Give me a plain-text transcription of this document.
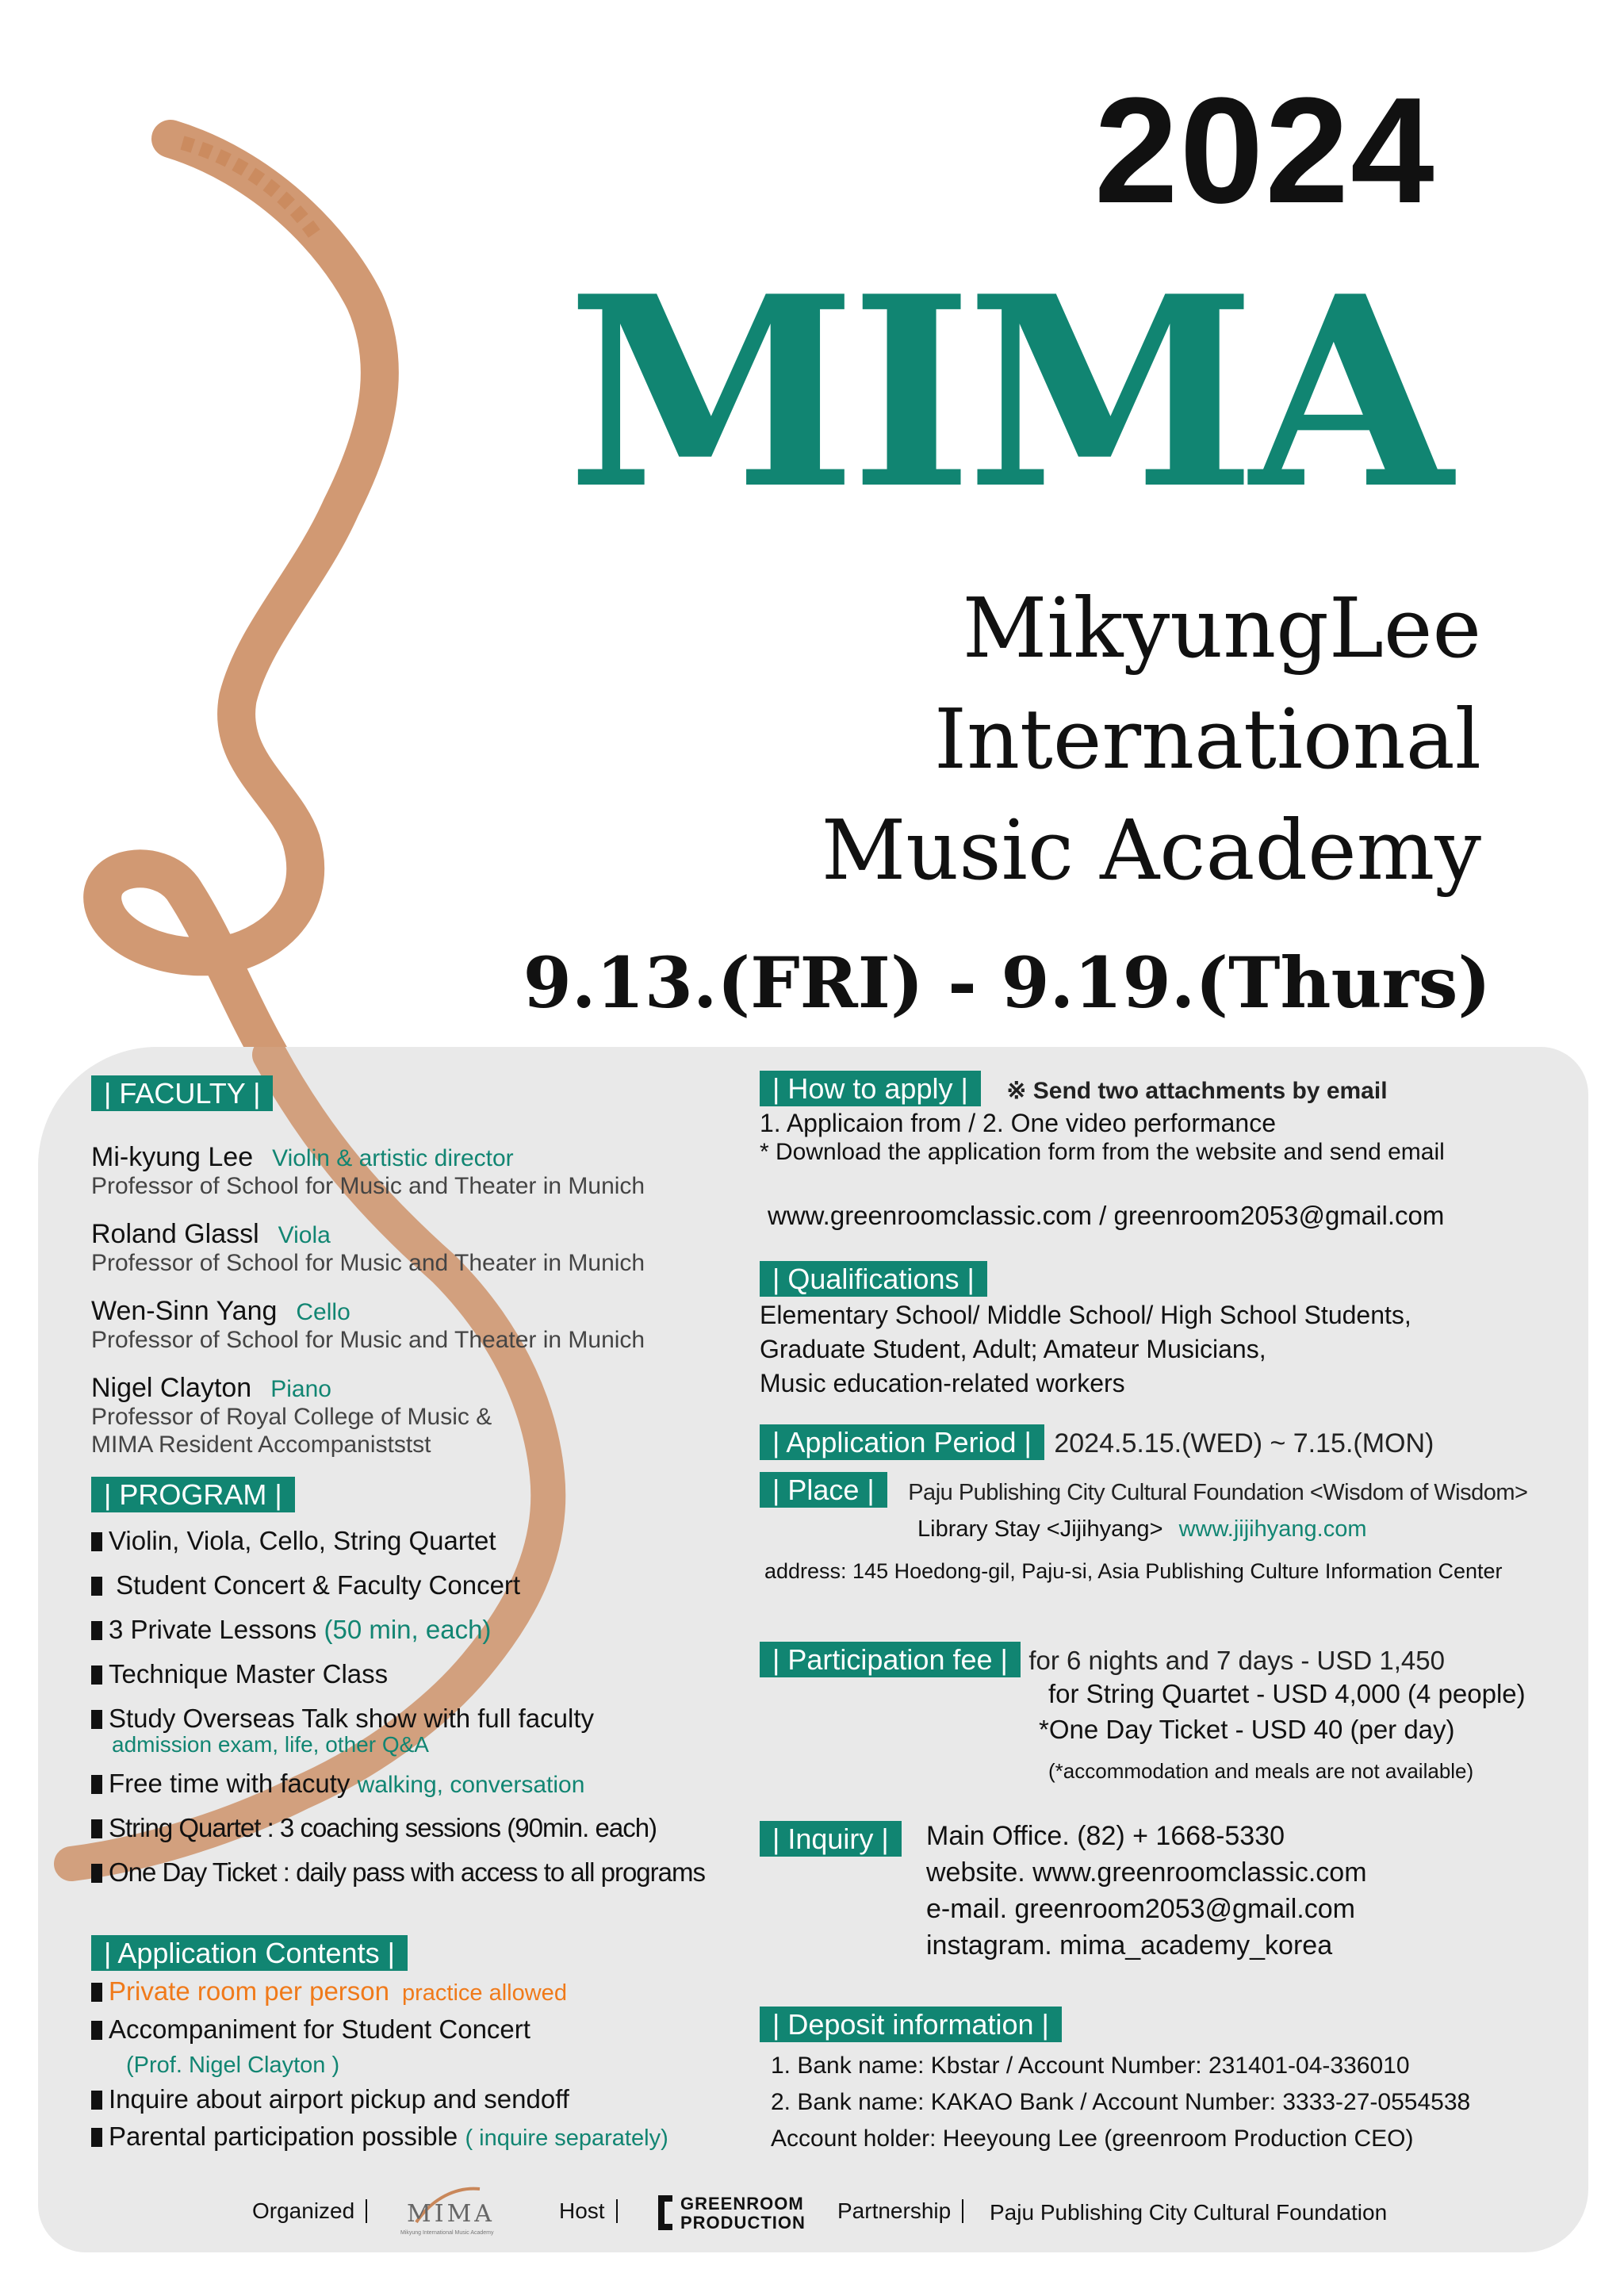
2024
MIMA
MikyungLee
International
Music Academy
9.13.(FRI) - 9.19.(Thurs)
| FACULTY |
Mi-kyung Lee Violin & artistic director
Professor of School for Music and Theater in Munich
Roland Glassl Viola
Professor of School for Music and Theater in Munich
Wen-Sinn Yang Cello
Professor of School for Music and Theater in Munich
Nigel Clayton Piano
Professor of Royal College of Music &
MIMA Resident Accompaniststst
| PROGRAM |
Violin, Viola, Cello, String Quartet
Student Concert & Faculty Concert
3 Private Lessons (50 min, each)
Technique Master Class
Study Overseas Talk show with full faculty
admission exam, life, other Q&A
Free time with facuty walking, conversation
String Quartet : 3 coaching sessions (90min. each)
One Day Ticket : daily pass with access to all programs
| Application Contents |
Private room per person practice allowed
Accompaniment for Student Concert
(Prof. Nigel Clayton )
Inquire about airport pickup and sendoff
Parental participation possible ( inquire separately)
| How to apply | ※ Send two attachments by email
1. Applicaion from / 2. One video performance
* Download the application form from the website and send email
www.greenroomclassic.com / greenroom2053@gmail.com
| Qualifications |
Elementary School/ Middle School/ High School Students,
Graduate Student, Adult; Amateur Musicians,
Music education-related workers
| Application Period | 2024.5.15.(WED) ~ 7.15.(MON)
| Place | Paju Publishing City Cultural Foundation <Wisdom of Wisdom>
Library Stay <Jijihyang> www.jijihyang.com
address: 145 Hoedong-gil, Paju-si, Asia Publishing Culture Information Center
| Participation fee | for 6 nights and 7 days - USD 1,450
for String Quartet - USD 4,000 (4 people)
*One Day Ticket - USD 40 (per day)
(*accommodation and meals are not available)
| Inquiry |	Main Office. (82) + 1668-5330
website. www.greenroomclassic.com
e-mail. greenroom2053@gmail.com
instagram. mima_academy_korea
| Deposit information |
1. Bank name: Kbstar / Account Number: 231401-04-336010
2. Bank name: KAKAO Bank / Account Number: 3333-27-0554538
Account holder: Heeyoung Lee (greenroom Production CEO)
Organized	MIMA
Mikyung International Music Academy
Host	GREENROOM
PRODUCTION Partnership	Paju Publishing City Cultural Foundation
